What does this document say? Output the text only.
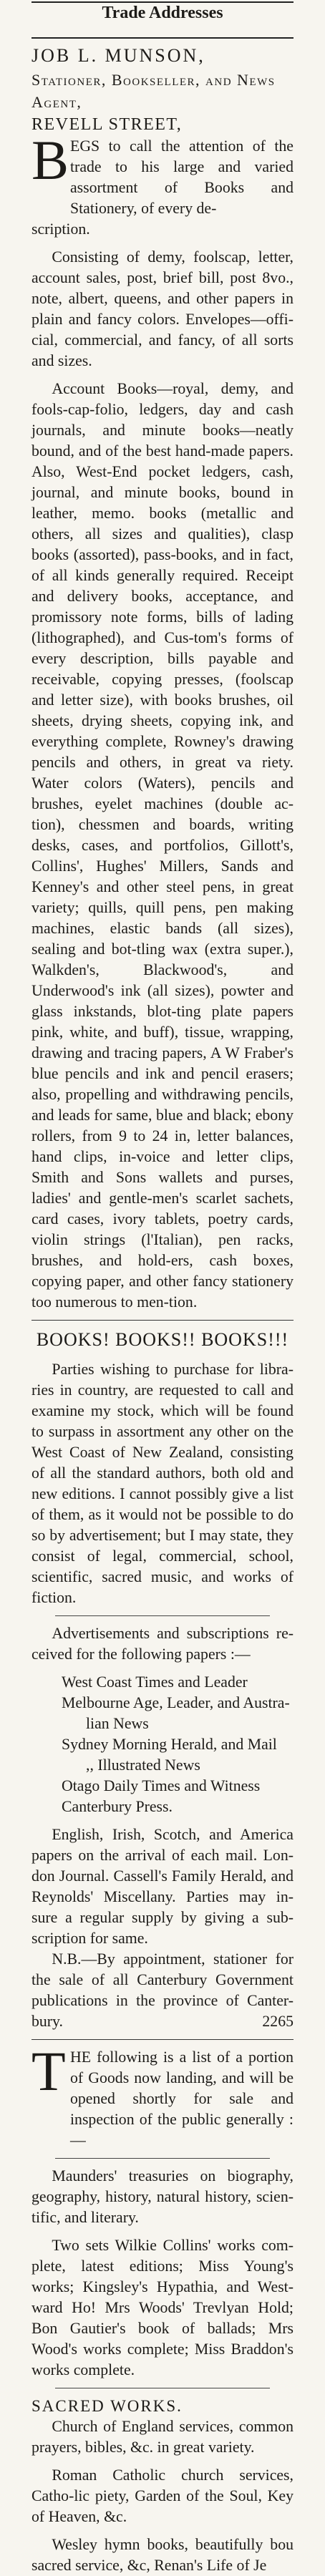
Trade Addresses

JOB L. MUNSON,

Stationer, Bookseller, and News

Agent,

REVELL STREET,

B EGS to call the attention of the trade to his large and varied assortment of Books and Stationery, of every de-

scription.

Consisting of demy, foolscap, letter, account sales, post, brief bill, post 8vo., note, albert, queens, and other papers in plain and fancy colors. Envelopes—offi-cial, commercial, and fancy, of all sorts and sizes.

Account Books—royal, demy, and fools-cap-folio, ledgers, day and cash journals, and minute books—neatly bound, and of the best hand-made papers. Also, West-End pocket ledgers, cash, journal, and minute books, bound in leather, memo. books (metallic and others, all sizes and qualities), clasp books (assorted), pass-books, and in fact, of all kinds generally required. Receipt and delivery books, acceptance, and promissory note forms, bills of lading (lithographed), and Cus-tom's forms of every description, bills payable and receivable, copying presses, (foolscap and letter size), with books brushes, oil sheets, drying sheets, copying ink, and everything complete, Rowney's drawing pencils and others, in great va riety. Water colors (Waters), pencils and brushes, eyelet machines (double ac-tion), chessmen and boards, writing desks, cases, and portfolios, Gillott's, Collins', Hughes' Millers, Sands and Kenney's and other steel pens, in great variety; quills, quill pens, pen making machines, elastic bands (all sizes), sealing and bot-tling wax (extra super.), Walkden's, Blackwood's, and Underwood's ink (all sizes), powter and glass inkstands, blot-ting plate papers pink, white, and buff), tissue, wrapping, drawing and tracing papers, A W Fraber's blue pencils and ink and pencil erasers; also, propelling and withdrawing pencils, and leads for same, blue and black; ebony rollers, from 9 to 24 in, letter balances, hand clips, in-voice and letter clips, Smith and Sons wallets and purses, ladies' and gentle-men's scarlet sachets, card cases, ivory tablets, poetry cards, violin strings (l'Italian), pen racks, brushes, and hold-ers, cash boxes, copying paper, and other fancy stationery too numerous to men-tion.

BOOKS! BOOKS!! BOOKS!!!

Parties wishing to purchase for libra-ries in country, are requested to call and examine my stock, which will be found to surpass in assortment any other on the West Coast of New Zealand, consisting of all the standard authors, both old and new editions. I cannot possibly give a list of them, as it would not be possible to do so by advertisement; but I may state, they consist of legal, commercial, school, scientific, sacred music, and works of fiction.

Advertisements and subscriptions re-ceived for the following papers :—

West Coast Times and Leader

Melbourne Age, Leader, and Austra-

lian News

Sydney Morning Herald, and Mail

,, Illustrated News

Otago Daily Times and Witness

Canterbury Press.

English, Irish, Scotch, and America papers on the arrival of each mail. Lon-don Journal. Cassell's Family Herald, and Reynolds' Miscellany. Parties may in-sure a regular supply by giving a sub-scription for same.

N.B.—By appointment, stationer for the sale of all Canterbury Government publications in the province of Canter-bury.	2265

T HE following is a list of a portion of Goods now landing, and will be opened shortly for sale and inspection of the public generally :—

Maunders' treasuries on biography, geography, history, natural history, scien-tific, and literary.

Two sets Wilkie Collins' works com-plete, latest editions; Miss Young's works; Kingsley's Hypathia, and West-ward Ho! Mrs Woods' Trevlyan Hold; Bon Gautier's book of ballads; Mrs Wood's works complete; Miss Braddon's works complete.

SACRED WORKS.

Church of England services, common prayers, bibles, &c. in great variety.

Roman Catholic church services, Catho-lic piety, Garden of the Soul, Key of Heaven, &c.

Wesley hymn books, beautifully bou sacred service, &c, Renan's Life of Je
